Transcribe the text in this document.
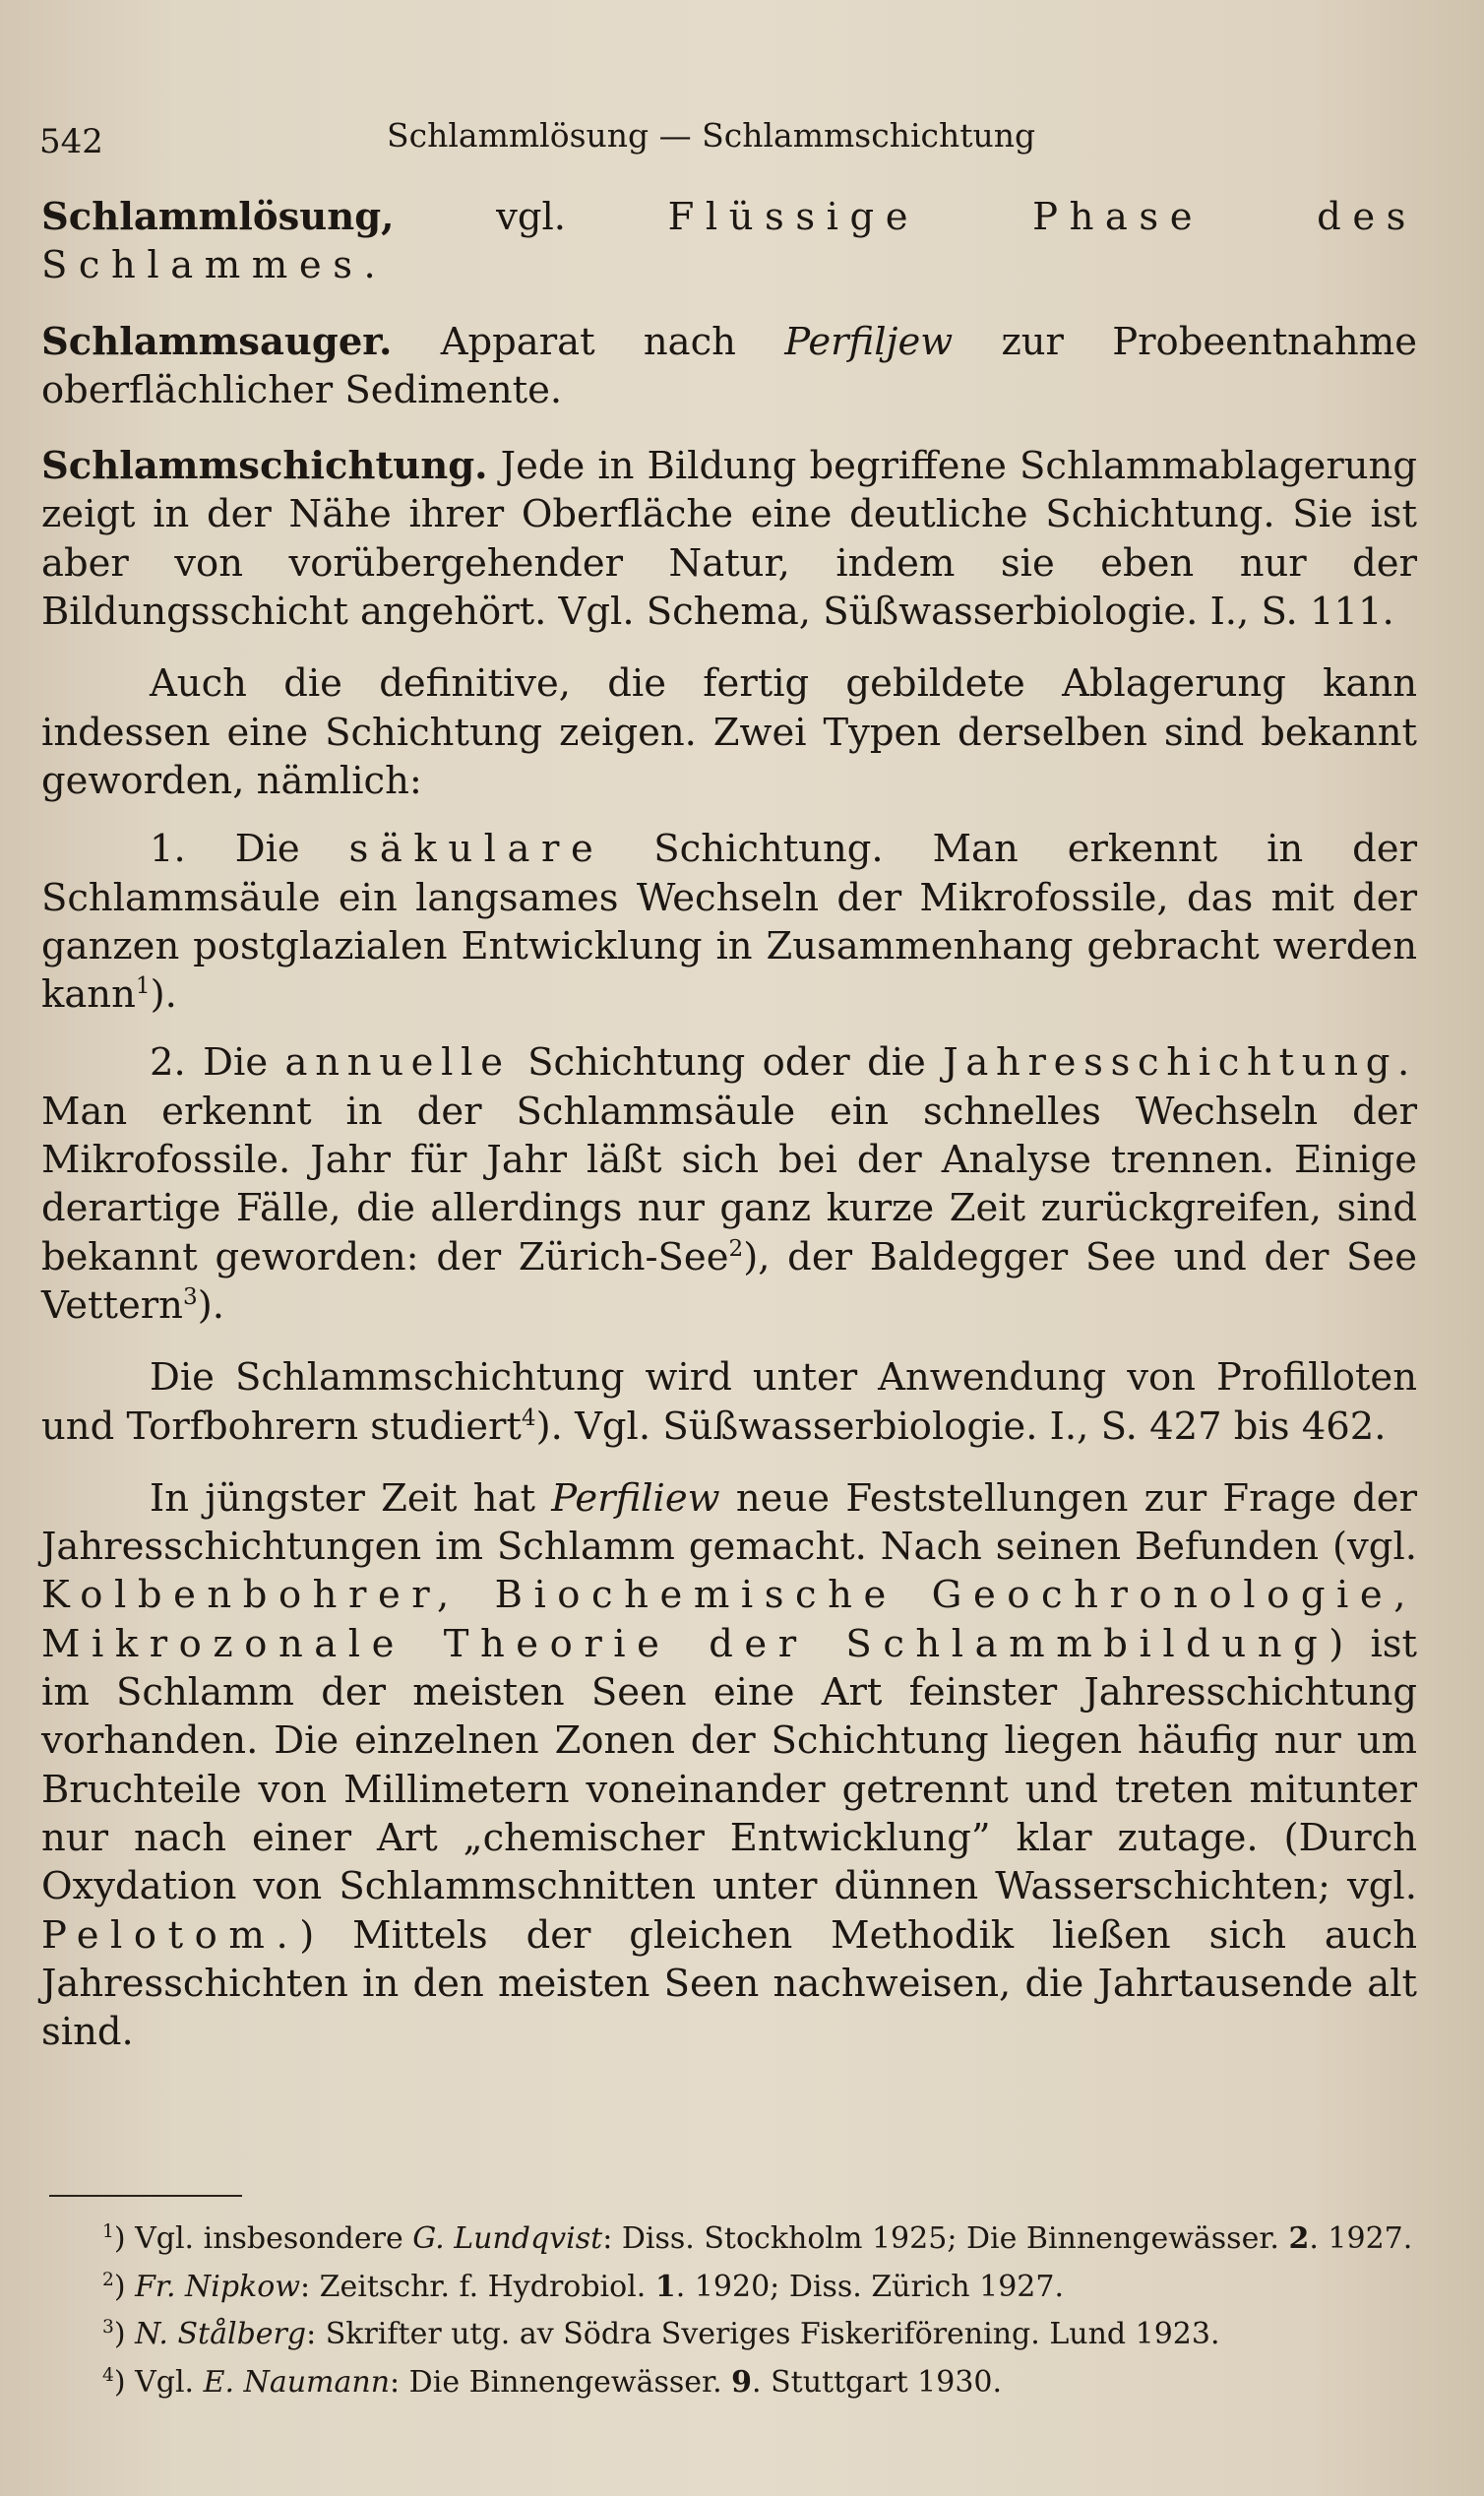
542	Schlammlösung — Schlammschichtung

Schlammlösung, vgl. Flüssige Phase des Schlammes.

Schlammsauger. Apparat nach Perfiljew zur Probeentnahme oberflächlicher Sedimente.

Schlammschichtung. Jede in Bildung begriffene Schlammablagerung zeigt in der Nähe ihrer Oberfläche eine deutliche Schichtung. Sie ist aber von vorübergehender Natur, indem sie eben nur der Bildungsschicht angehört. Vgl. Schema, Süßwasserbiologie. I., S. 111.

Auch die definitive, die fertig gebildete Ablagerung kann indessen eine Schichtung zeigen. Zwei Typen derselben sind bekannt geworden, nämlich:

1. Die säkulare Schichtung. Man erkennt in der Schlammsäule ein langsames Wechseln der Mikrofossile, das mit der ganzen postglazialen Entwicklung in Zusammenhang gebracht werden kann$^1$).

2. Die annuelle Schichtung oder die Jahresschichtung. Man erkennt in der Schlammsäule ein schnelles Wechseln der Mikrofossile. Jahr für Jahr läßt sich bei der Analyse trennen. Einige derartige Fälle, die allerdings nur ganz kurze Zeit zurückgreifen, sind bekannt geworden: der Zürich-See$^2$), der Baldegger See und der See Vettern$^3$).

Die Schlammschichtung wird unter Anwendung von Profilloten und Torfbohrern studiert$^4$). Vgl. Süßwasserbiologie. I., S. 427 bis 462.

In jüngster Zeit hat Perfiliew neue Feststellungen zur Frage der Jahresschichtungen im Schlamm gemacht. Nach seinen Befunden (vgl. Kolbenbohrer, Biochemische Geochronologie, Mikrozonale Theorie der Schlammbildung) ist im Schlamm der meisten Seen eine Art feinster Jahresschichtung vorhanden. Die einzelnen Zonen der Schichtung liegen häufig nur um Bruchteile von Millimetern voneinander getrennt und treten mitunter nur nach einer Art „chemischer Entwicklung” klar zutage. (Durch Oxydation von Schlammschnitten unter dünnen Wasserschichten; vgl. Pelotom.) Mittels der gleichen Methodik ließen sich auch Jahresschichten in den meisten Seen nachweisen, die Jahrtausende alt sind.

$^1$) Vgl. insbesondere G. Lundqvist: Diss. Stockholm 1925; Die Binnengewässer. 2. 1927.

$^2$) Fr. Nipkow: Zeitschr. f. Hydrobiol. 1. 1920; Diss. Zürich 1927.

$^3$) N. Stålberg: Skrifter utg. av Södra Sveriges Fiskeriförening. Lund 1923.

$^4$) Vgl. E. Naumann: Die Binnengewässer. 9. Stuttgart 1930.
